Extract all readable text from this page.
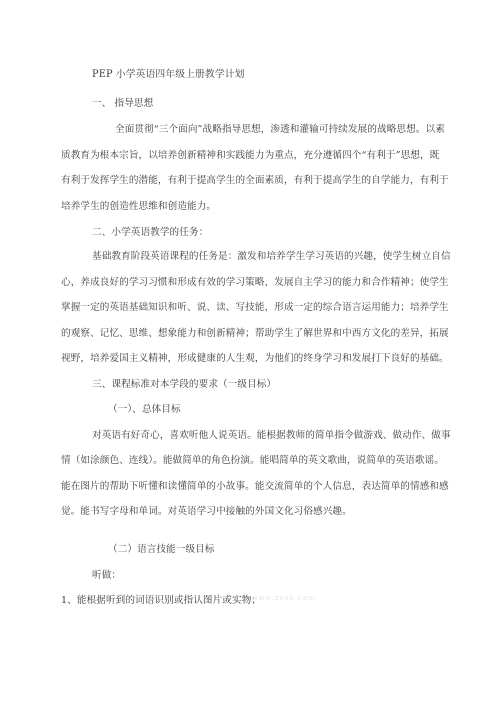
PEP 小学英语四年级上册教学计划
一、 指导思想
全面贯彻“三个面向”战略指导思想，渗透和灌输可持续发展的战略思想。以素
质教育为根本宗旨，以培养创新精神和实践能力为重点，充分遵循四个“有利于”思想，既
有利于发挥学生的潜能，有利于提高学生的全面素质，有利于提高学生的自学能力，有利于
培养学生的创造性思维和创造能力。
二、小学英语教学的任务：
基础教育阶段英语课程的任务是：激发和培养学生学习英语的兴趣，使学生树立自信
心，养成良好的学习习惯和形成有效的学习策略，发展自主学习的能力和合作精神；使学生
掌握一定的英语基础知识和听、说、读、写技能，形成一定的综合语言运用能力；培养学生
的观察、记忆、思维、想象能力和创新精神；帮助学生了解世界和中西方文化的差异，拓展
视野，培养爱国主义精神，形成健康的人生观，为他们的终身学习和发展打下良好的基础。
三、课程标准对本学段的要求（一级目标）
（一）、总体目标
对英语有好奇心，喜欢听他人说英语。能根据教师的简单指令做游戏、做动作、做事
情（如涂颜色、连线）。能做简单的角色扮演。能唱简单的英文歌曲，说简单的英语歌谣。
能在图片的帮助下听懂和读懂简单的小故事。能交流简单的个人信息，表达简单的情感和感
觉。能书写字母和单词。对英语学习中接触的外国文化习俗感兴趣。
（二）语言技能一级目标
听做：
1、能根据听到的词语识别或指认图片或实物；
www.zxxk.com
